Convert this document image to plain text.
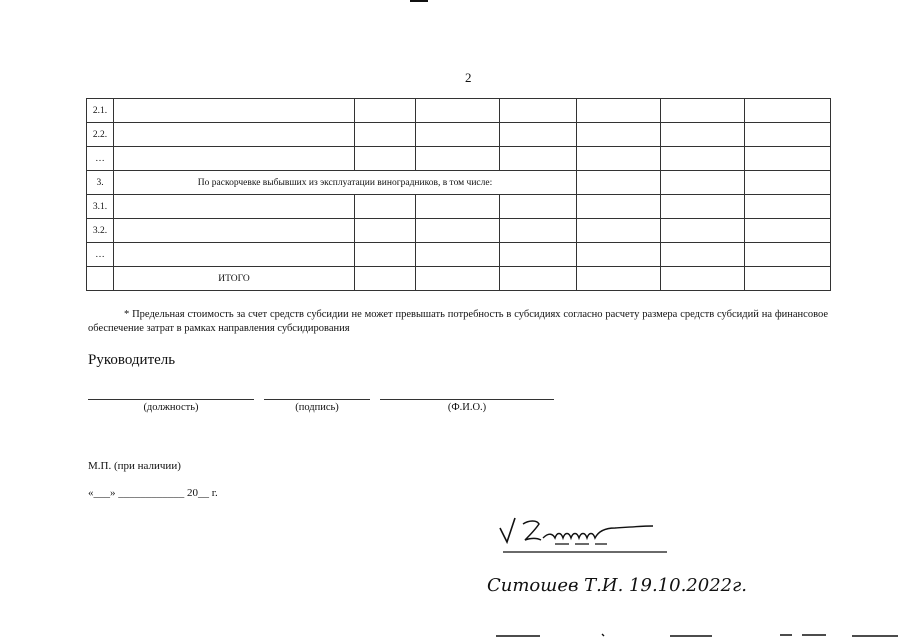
2
2.1.							
2.2.							
…							
3.	По раскорчевке выбывших из эксплуатации виноградников, в том числе:						
3.1.							
3.2.							
…							
	ИТОГО						
* Предельная стоимость за счет средств субсидии не может превышать потребность в субсидиях согласно расчету размера средств субсидий на финансовое обеспечение затрат в рамках направления субсидирования
Руководитель
(должность)	(подпись)	(Ф.И.О.)
М.П. (при наличии)
«___» ____________ 20__ г.
Cитошев Т.И. 19.10.2022г.
